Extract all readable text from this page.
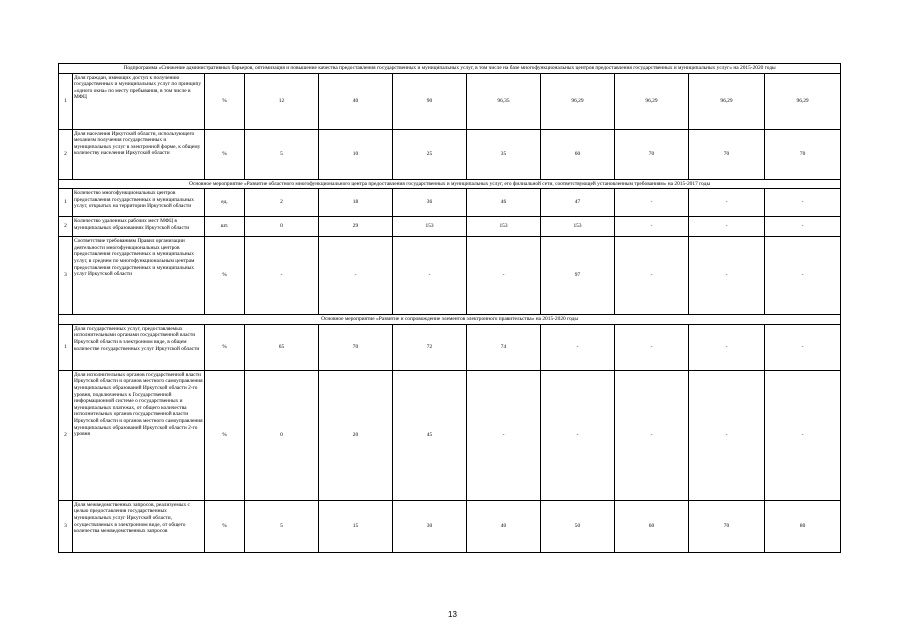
Подпрограмма «Снижение административных барьеров, оптимизация и повышение качества предоставления государственных и муниципальных услуг, в том числе на базе многофункциональных центров предоставления государственных и муниципальных услуг» на 2015-2020 годы										
1	Доля граждан, имеющих доступ к получению государственных и муниципальных услуг по принципу «одного окна» по месту пребывания, в том числе в МФЦ	%	12	40	90	96,35	96,29	96,29	96,29	96,29
2	Доля населения Иркутской области, использующего механизм получения государственных и муниципальных услуг в электронной форме, к общему количеству населения Иркутской области	%	5	10	25	35	60	70	70	70
Основное мероприятие «Развитие областного многофункционального центра предоставления государственных и муниципальных услуг, его филиальной сети, соответствующей установленным требованиям» на 2015-2017 годы										
1	Количество многофункциональных центров предоставления государственных и муниципальных услуг, открытых на территории Иркутской области	ед.	2	18	36	46	47	-	-	-
2	Количество удаленных рабочих мест МФЦ в муниципальных образованиях Иркутской области	шт.	0	29	153	153	153	-	-	-
3	Соответствие требованиям Правил организации деятельности многофункциональных центров предоставления государственных и муниципальных услуг, в среднем по многофункциональным центрам предоставления государственных и муниципальных услуг Иркутской области	%	-	-	-	-	97	-	-	-
Основное мероприятие «Развитие и сопровождение элементов электронного правительства» на 2015-2020 годы										
1	Доля государственных услуг, предоставляемых исполнительными органами государственной власти Иркутской области в электронном виде, в общем количестве государственных услуг Иркутской области	%	65	70	72	74	-	-	-	-
2	Доля исполнительных органов государственной власти Иркутской области и органов местного самоуправления муниципальных образований Иркутской области 2-го уровня, подключенных к Государственной информационной системе о государственных и муниципальных платежах, от общего количества исполнительных органов государственной власти Иркутской области и органов местного самоуправления муниципальных образований Иркутской области 2-го уровня	%	0	20	45	-	-	-	-	-
3	Доля межведомственных запросов, реализуемых с целью предоставления государственных муниципальных услуг Иркутской области, осуществляемых в электронном виде, от общего количества межведомственных запросов	%	5	15	30	40	50	60	70	80
13
